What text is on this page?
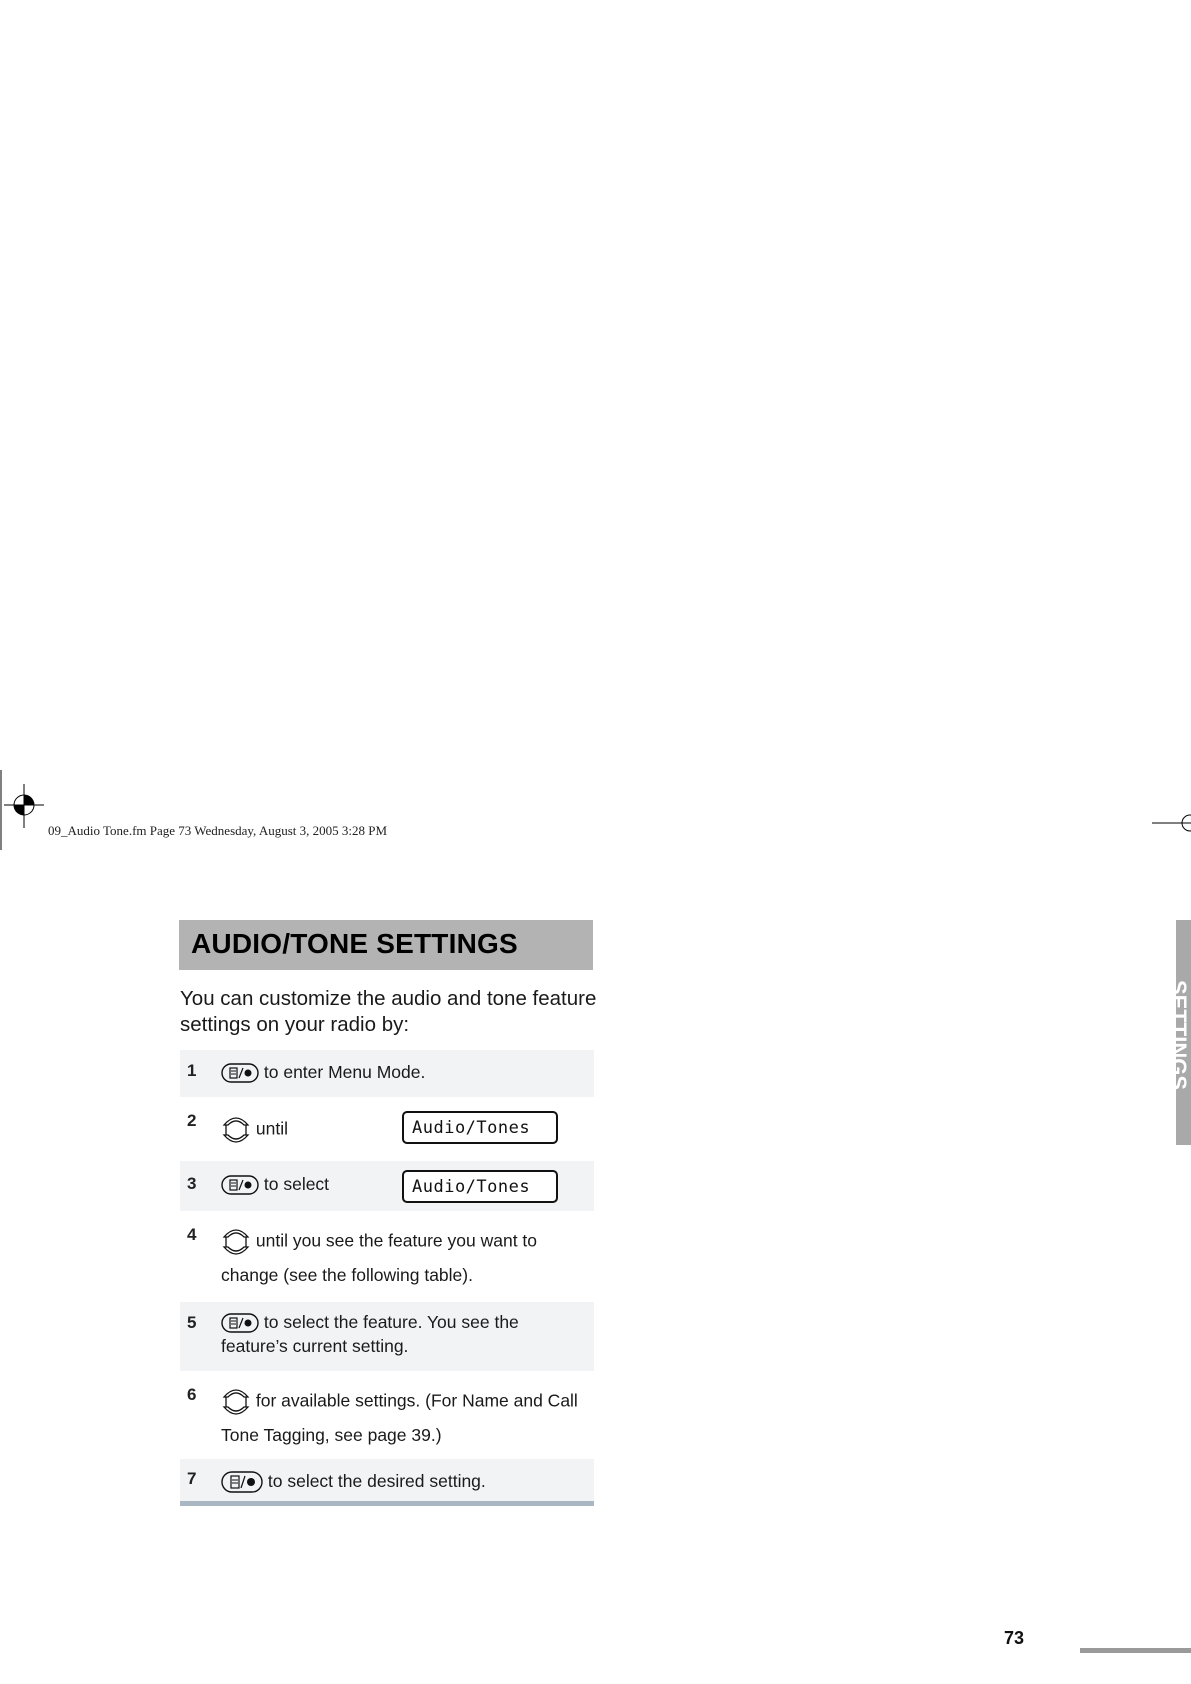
09_Audio Tone.fm Page 73 Wednesday, August 3, 2005 3:28 PM
AUDIO/TONE SETTINGS
You can customize the audio and tone feature settings on your radio by:
1	to enter Menu Mode.
2	until	Audio/Tones
3	to select	Audio/Tones
4	until you see the feature you want to
change (see the following table).
5	to select the feature. You see the
feature’s current setting.
6	for available settings. (For Name and Call
Tone Tagging, see page 39.)
7	to select the desired setting.
SETTINGS
73
